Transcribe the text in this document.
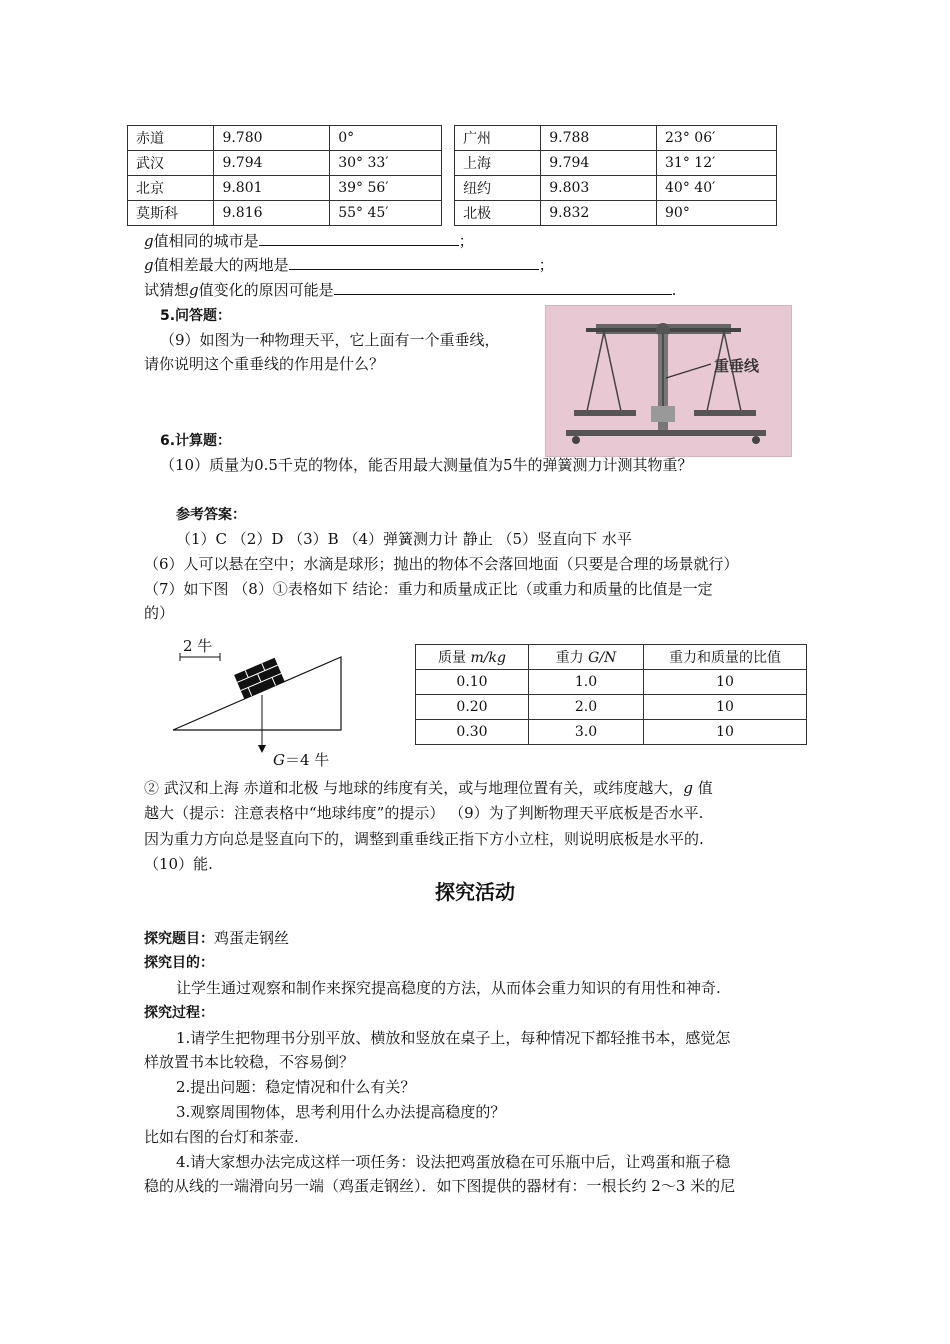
赤道	9.780	0°		广州	9.788	23° 06′
武汉	9.794	30° 33′		上海	9.794	31° 12′
北京	9.801	39° 56′		纽约	9.803	40° 40′
莫斯科	9.816	55° 45′		北极	9.832	90°
g值相同的城市是	；
g值相差最大的两地是	；
试猜想g值变化的原因可能是	.
5.问答题：
（9）如图为一种物理天平，它上面有一个重垂线，
请你说明这个重垂线的作用是什么？	重垂线
6.计算题：
（10）质量为0.5千克的物体，能否用最大测量值为5牛的弹簧测力计测其物重？
参考答案：
（1）C （2）D （3）B （4）弹簧测力计 静止 （5）竖直向下 水平
（6）人可以悬在空中；水滴是球形；抛出的物体不会落回地面（只要是合理的场景就行）
（7）如下图 （8）①表格如下 结论：重力和质量成正比（或重力和质量的比值是一定
的）
2 牛
G＝4 牛
质量 m/kg	重力 G/N	重力和质量的比值
0.10	1.0	10
0.20	2.0	10
0.30	3.0	10
② 武汉和上海 赤道和北极 与地球的纬度有关，或与地理位置有关，或纬度越大，g 值
越大（提示：注意表格中“地球纬度”的提示） （9）为了判断物理天平底板是否水平.
因为重力方向总是竖直向下的，调整到重垂线正指下方小立柱，则说明底板是水平的.
（10）能.
探究活动
探究题目：鸡蛋走钢丝
探究目的：
让学生通过观察和制作来探究提高稳度的方法，从而体会重力知识的有用性和神奇.
探究过程：
1.请学生把物理书分别平放、横放和竖放在桌子上，每种情况下都轻推书本，感觉怎
样放置书本比较稳，不容易倒？
2.提出问题：稳定情况和什么有关？
3.观察周围物体，思考利用什么办法提高稳度的？
比如右图的台灯和茶壶.
4.请大家想办法完成这样一项任务：设法把鸡蛋放稳在可乐瓶中后，让鸡蛋和瓶子稳
稳的从线的一端滑向另一端（鸡蛋走钢丝）．如下图提供的器材有：一根长约 2～3 米的尼
